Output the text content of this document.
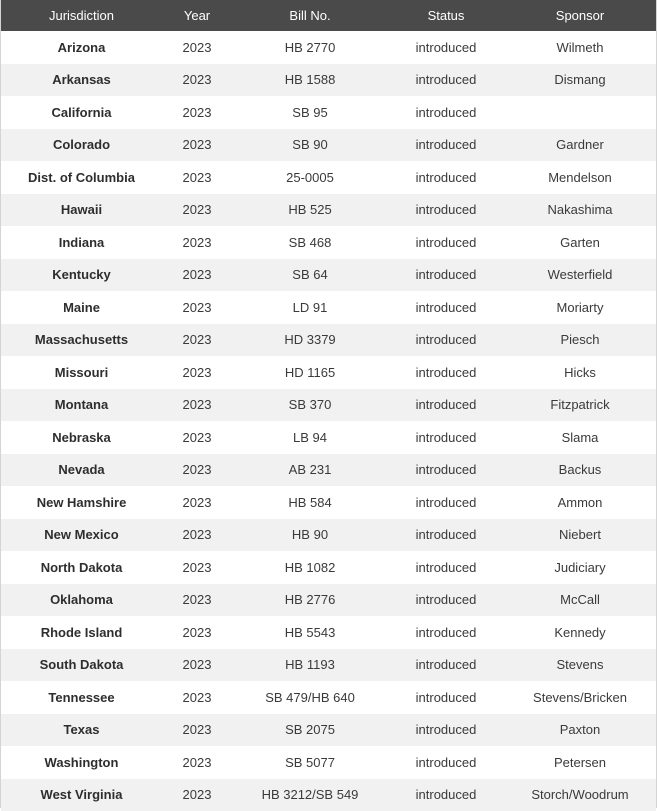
Jurisdiction	Year	Bill No.	Status	Sponsor
Arizona	2023	HB 2770	introduced	Wilmeth
Arkansas	2023	HB 1588	introduced	Dismang
California	2023	SB 95	introduced	
Colorado	2023	SB 90	introduced	Gardner
Dist. of Columbia	2023	25-0005	introduced	Mendelson
Hawaii	2023	HB 525	introduced	Nakashima
Indiana	2023	SB 468	introduced	Garten
Kentucky	2023	SB 64	introduced	Westerfield
Maine	2023	LD 91	introduced	Moriarty
Massachusetts	2023	HD 3379	introduced	Piesch
Missouri	2023	HD 1165	introduced	Hicks
Montana	2023	SB 370	introduced	Fitzpatrick
Nebraska	2023	LB 94	introduced	Slama
Nevada	2023	AB 231	introduced	Backus
New Hamshire	2023	HB 584	introduced	Ammon
New Mexico	2023	HB 90	introduced	Niebert
North Dakota	2023	HB 1082	introduced	Judiciary
Oklahoma	2023	HB 2776	introduced	McCall
Rhode Island	2023	HB 5543	introduced	Kennedy
South Dakota	2023	HB 1193	introduced	Stevens
Tennessee	2023	SB 479/HB 640	introduced	Stevens/Bricken
Texas	2023	SB 2075	introduced	Paxton
Washington	2023	SB 5077	introduced	Petersen
West Virginia	2023	HB 3212/SB 549	introduced	Storch/Woodrum
